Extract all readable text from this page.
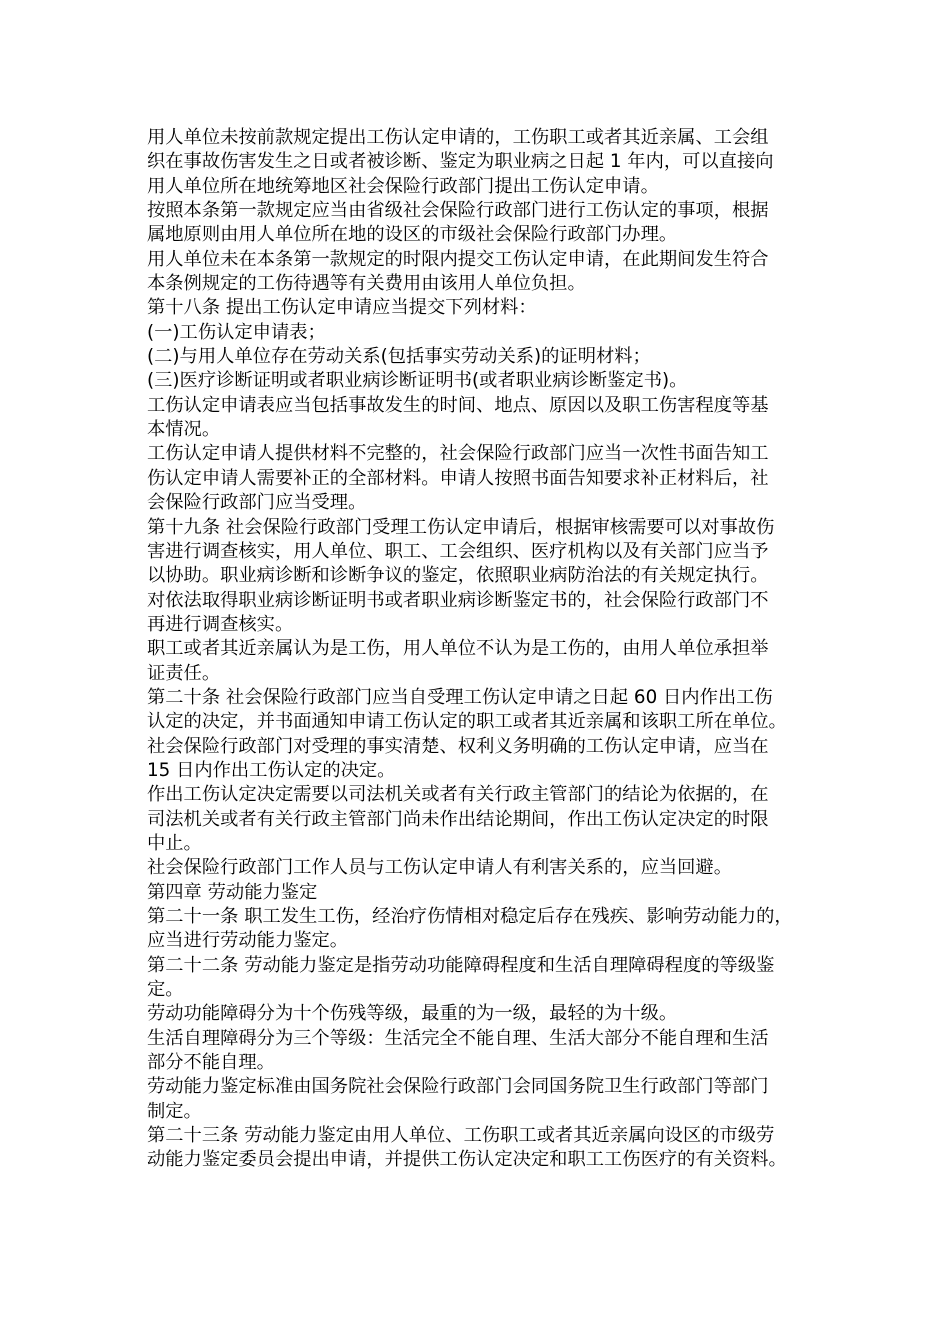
用人单位未按前款规定提出工伤认定申请的，工伤职工或者其近亲属、工会组
织在事故伤害发生之日或者被诊断、鉴定为职业病之日起 1 年内，可以直接向
用人单位所在地统筹地区社会保险行政部门提出工伤认定申请。
按照本条第一款规定应当由省级社会保险行政部门进行工伤认定的事项，根据
属地原则由用人单位所在地的设区的市级社会保险行政部门办理。
用人单位未在本条第一款规定的时限内提交工伤认定申请，在此期间发生符合
本条例规定的工伤待遇等有关费用由该用人单位负担。
第十八条 提出工伤认定申请应当提交下列材料：
(一)工伤认定申请表；
(二)与用人单位存在劳动关系(包括事实劳动关系)的证明材料；
(三)医疗诊断证明或者职业病诊断证明书(或者职业病诊断鉴定书)。
工伤认定申请表应当包括事故发生的时间、地点、原因以及职工伤害程度等基
本情况。
工伤认定申请人提供材料不完整的，社会保险行政部门应当一次性书面告知工
伤认定申请人需要补正的全部材料。申请人按照书面告知要求补正材料后，社
会保险行政部门应当受理。
第十九条 社会保险行政部门受理工伤认定申请后，根据审核需要可以对事故伤
害进行调查核实，用人单位、职工、工会组织、医疗机构以及有关部门应当予
以协助。职业病诊断和诊断争议的鉴定，依照职业病防治法的有关规定执行。
对依法取得职业病诊断证明书或者职业病诊断鉴定书的，社会保险行政部门不
再进行调查核实。
职工或者其近亲属认为是工伤，用人单位不认为是工伤的，由用人单位承担举
证责任。
第二十条 社会保险行政部门应当自受理工伤认定申请之日起 60 日内作出工伤
认定的决定，并书面通知申请工伤认定的职工或者其近亲属和该职工所在单位。
社会保险行政部门对受理的事实清楚、权利义务明确的工伤认定申请，应当在
15 日内作出工伤认定的决定。
作出工伤认定决定需要以司法机关或者有关行政主管部门的结论为依据的，在
司法机关或者有关行政主管部门尚未作出结论期间，作出工伤认定决定的时限
中止。
社会保险行政部门工作人员与工伤认定申请人有利害关系的，应当回避。
第四章 劳动能力鉴定
第二十一条 职工发生工伤，经治疗伤情相对稳定后存在残疾、影响劳动能力的，
应当进行劳动能力鉴定。
第二十二条 劳动能力鉴定是指劳动功能障碍程度和生活自理障碍程度的等级鉴
定。
劳动功能障碍分为十个伤残等级，最重的为一级，最轻的为十级。
生活自理障碍分为三个等级：生活完全不能自理、生活大部分不能自理和生活
部分不能自理。
劳动能力鉴定标准由国务院社会保险行政部门会同国务院卫生行政部门等部门
制定。
第二十三条 劳动能力鉴定由用人单位、工伤职工或者其近亲属向设区的市级劳
动能力鉴定委员会提出申请，并提供工伤认定决定和职工工伤医疗的有关资料。
